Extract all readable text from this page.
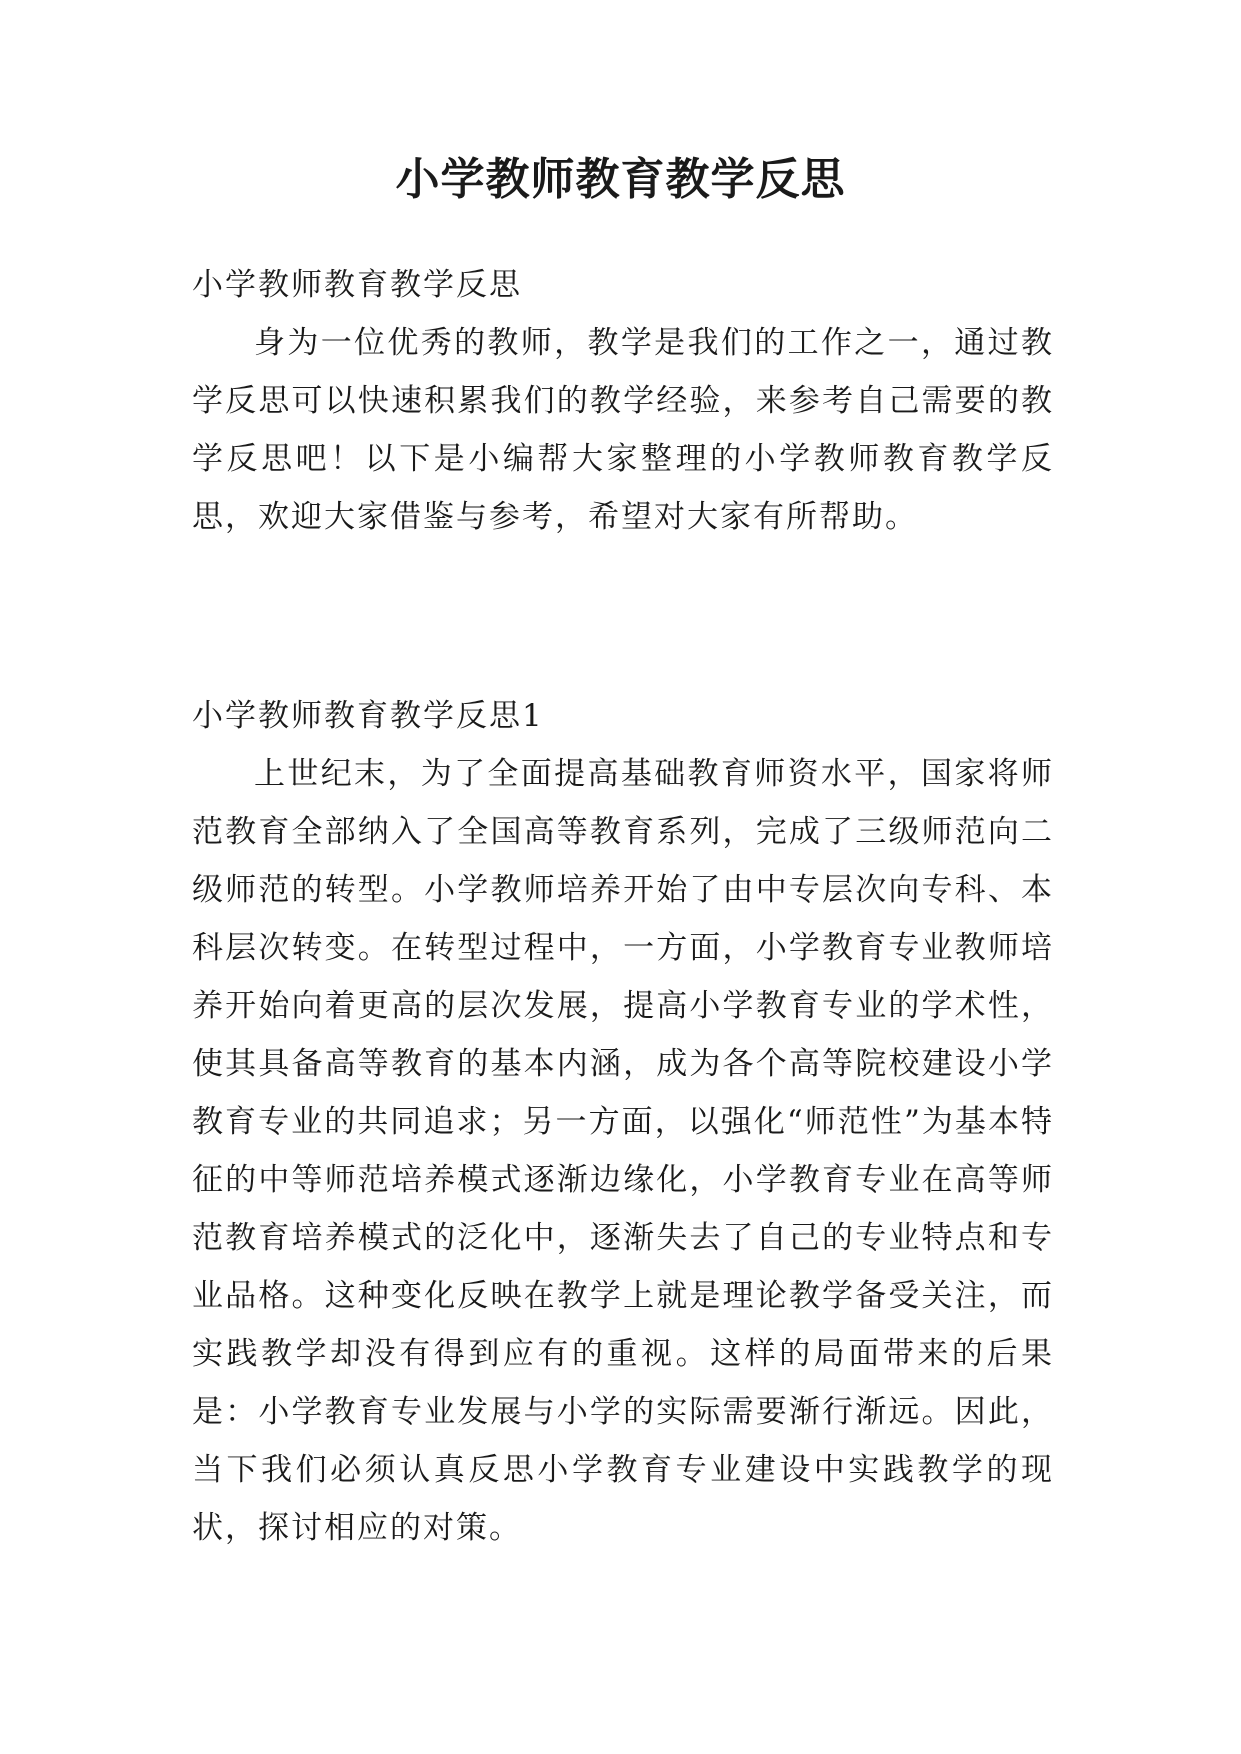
小学教师教育教学反思

小学教师教育教学反思

身为一位优秀的教师，教学是我们的工作之一，通过教学反思可以快速积累我们的教学经验，来参考自己需要的教学反思吧！以下是小编帮大家整理的小学教师教育教学反思，欢迎大家借鉴与参考，希望对大家有所帮助。

小学教师教育教学反思1

上世纪末，为了全面提高基础教育师资水平，国家将师范教育全部纳入了全国高等教育系列，完成了三级师范向二级师范的转型。小学教师培养开始了由中专层次向专科、本科层次转变。在转型过程中，一方面，小学教育专业教师培养开始向着更高的层次发展，提高小学教育专业的学术性，使其具备高等教育的基本内涵，成为各个高等院校建设小学教育专业的共同追求；另一方面，以强化“师范性”为基本特征的中等师范培养模式逐渐边缘化，小学教育专业在高等师范教育培养模式的泛化中，逐渐失去了自己的专业特点和专业品格。这种变化反映在教学上就是理论教学备受关注，而实践教学却没有得到应有的重视。这样的局面带来的后果是：小学教育专业发展与小学的实际需要渐行渐远。因此，当下我们必须认真反思小学教育专业建设中实践教学的现状，探讨相应的对策。
